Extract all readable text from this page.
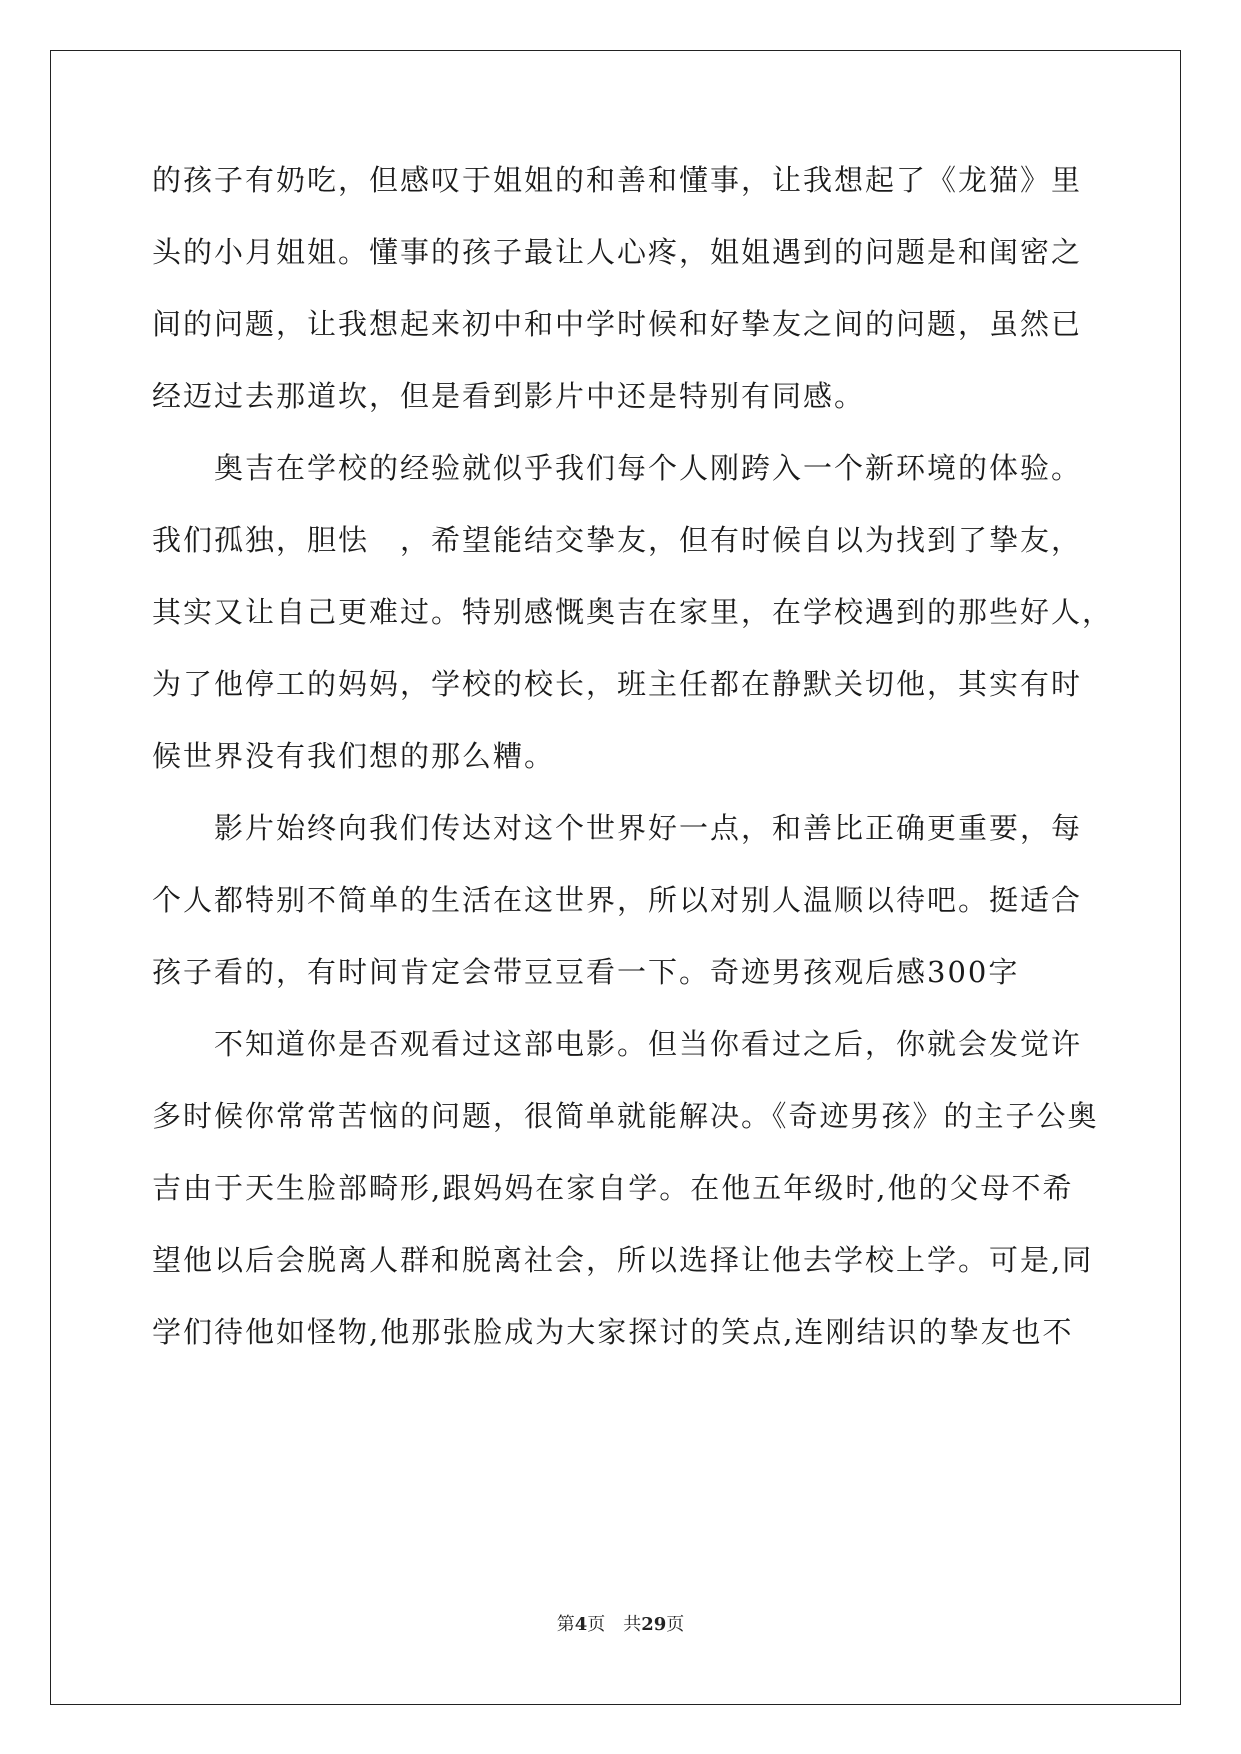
的孩子有奶吃，但感叹于姐姐的和善和懂事，让我想起了《龙猫》里
头的小月姐姐。懂事的孩子最让人心疼，姐姐遇到的问题是和闺密之
间的问题，让我想起来初中和中学时候和好挚友之间的问题，虽然已
经迈过去那道坎，但是看到影片中还是特别有同感。
　　奥吉在学校的经验就似乎我们每个人刚跨入一个新环境的体验。
我们孤独，胆怯　，希望能结交挚友，但有时候自以为找到了挚友，
其实又让自己更难过。特别感慨奥吉在家里，在学校遇到的那些好人，
为了他停工的妈妈，学校的校长，班主任都在静默关切他，其实有时
候世界没有我们想的那么糟。
　　影片始终向我们传达对这个世界好一点，和善比正确更重要，每
个人都特别不简单的生活在这世界，所以对别人温顺以待吧。挺适合
孩子看的，有时间肯定会带豆豆看一下。奇迹男孩观后感300字
　　不知道你是否观看过这部电影。但当你看过之后，你就会发觉许
多时候你常常苦恼的问题，很简单就能解决。《奇迹男孩》的主子公奥
吉由于天生脸部畸形,跟妈妈在家自学。在他五年级时,他的父母不希
望他以后会脱离人群和脱离社会，所以选择让他去学校上学。可是,同
学们待他如怪物,他那张脸成为大家探讨的笑点,连刚结识的挚友也不
第4页　共29页
